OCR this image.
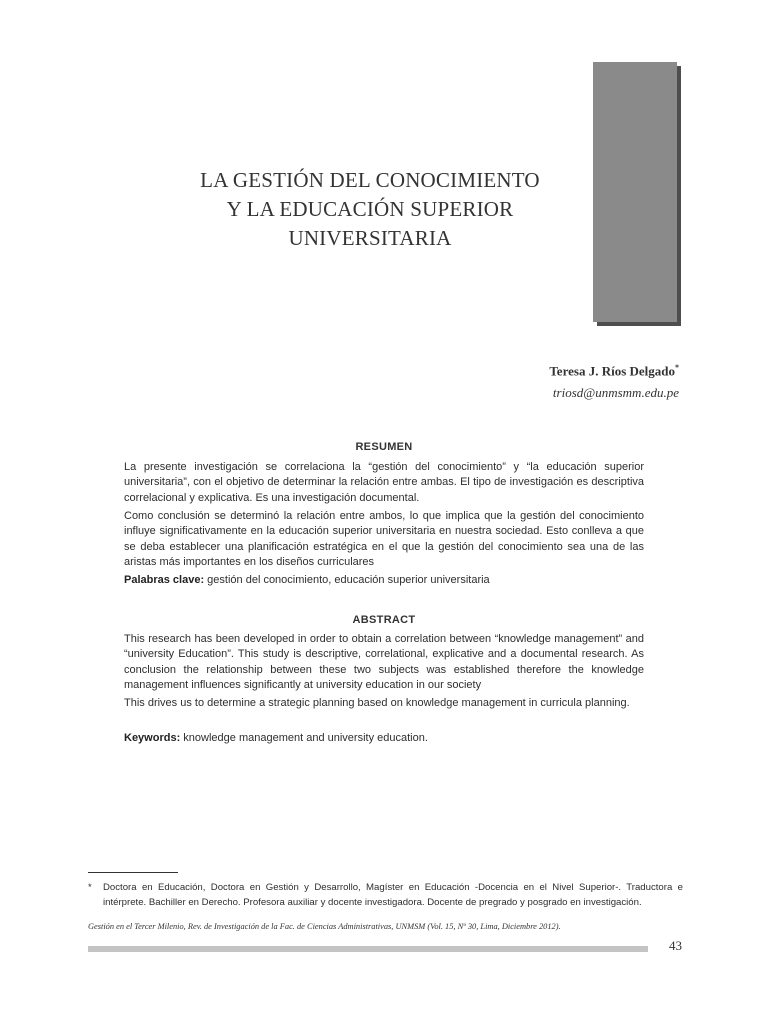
LA GESTIÓN DEL CONOCIMIENTO
Y LA EDUCACIÓN SUPERIOR
UNIVERSITARIA
Teresa J. Ríos Delgado*
triosd@unmsmm.edu.pe
RESUMEN

La presente investigación se correlaciona la “gestión del conocimiento” y “la educación superior universitaria”, con el objetivo de determinar la relación entre ambas. El tipo de investigación es descriptiva correlacional y explicativa. Es una investigación documental.

Como conclusión se determinó la relación entre ambos, lo que implica que la gestión del conocimiento influye significativamente en la educación superior universitaria en nuestra sociedad. Esto conlleva a que se deba establecer una planificación estratégica en el que la gestión del conocimiento sea una de las aristas más importantes en los diseños curriculares

Palabras clave: gestión del conocimiento, educación superior universitaria

ABSTRACT

This research has been developed in order to obtain a correlation between “knowledge management” and “university Education”. This study is descriptive, correlational, explicative and a documental research. As conclusion the relationship between these two subjects was established therefore the knowledge management influences significantly at university education in our society

This drives us to determine a strategic planning based on knowledge management in curricula planning.

Keywords: knowledge management and university education.

* Doctora en Educación, Doctora en Gestión y Desarrollo, Magíster en Educación -Docencia en el Nivel Superior-. Traductora e intérprete. Bachiller en Derecho. Profesora auxiliar y docente investigadora. Docente de pregrado y posgrado en investigación.

Gestión en el Tercer Milenio, Rev. de Investigación de la Fac. de Ciencias Administrativas, UNMSM (Vol. 15, Nº 30, Lima, Diciembre 2012).
43
